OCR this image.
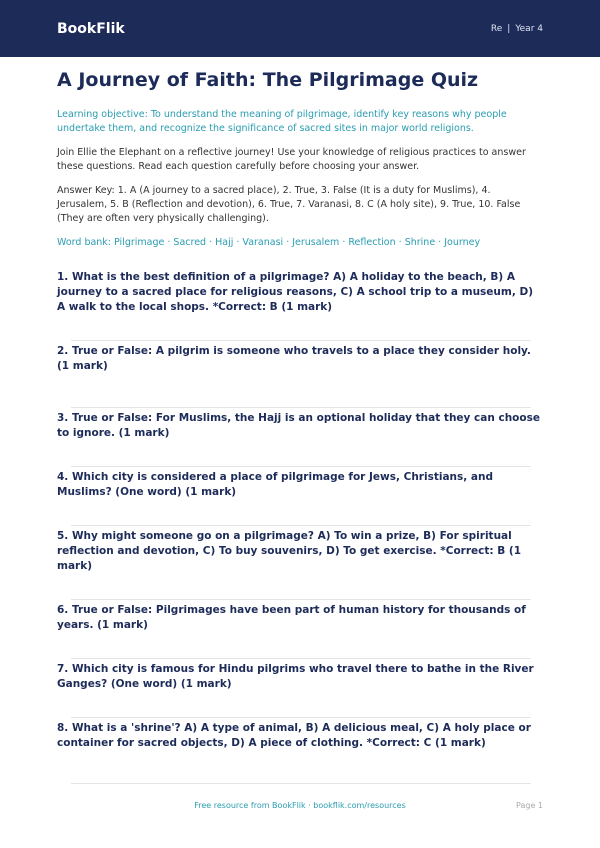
BookFlik	Re | Year 4
A Journey of Faith: The Pilgrimage Quiz

Learning objective: To understand the meaning of pilgrimage, identify key reasons why people undertake them, and recognize the significance of sacred sites in major world religions.

Join Ellie the Elephant on a reflective journey! Use your knowledge of religious practices to answer these questions. Read each question carefully before choosing your answer.

Answer Key: 1. A (A journey to a sacred place), 2. True, 3. False (It is a duty for Muslims), 4. Jerusalem, 5. B (Reflection and devotion), 6. True, 7. Varanasi, 8. C (A holy site), 9. True, 10. False (They are often very physically challenging).

Word bank: Pilgrimage · Sacred · Hajj · Varanasi · Jerusalem · Reflection · Shrine · Journey

1. What is the best definition of a pilgrimage? A) A holiday to the beach, B) A journey to a sacred place for religious reasons, C) A school trip to a museum, D) A walk to the local shops. *Correct: B (1 mark)

2. True or False: A pilgrim is someone who travels to a place they consider holy. (1 mark)

3. True or False: For Muslims, the Hajj is an optional holiday that they can choose to ignore. (1 mark)

4. Which city is considered a place of pilgrimage for Jews, Christians, and Muslims? (One word) (1 mark)

5. Why might someone go on a pilgrimage? A) To win a prize, B) For spiritual reflection and devotion, C) To buy souvenirs, D) To get exercise. *Correct: B (1 mark)

6. True or False: Pilgrimages have been part of human history for thousands of years. (1 mark)

7. Which city is famous for Hindu pilgrims who travel there to bathe in the River Ganges? (One word) (1 mark)

8. What is a 'shrine'? A) A type of animal, B) A delicious meal, C) A holy place or container for sacred objects, D) A piece of clothing. *Correct: C (1 mark)

Free resource from BookFlik · bookflik.com/resources	Page 1
